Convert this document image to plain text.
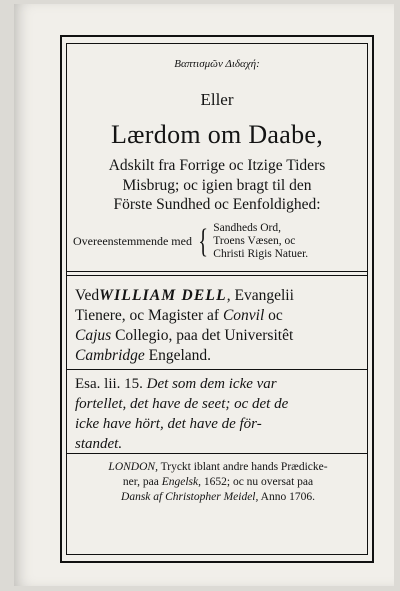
Βαπτισμῶν Διδαχή:
Eller
Lærdom om Daabe,
Adskilt fra Forrige oc Itzige Tiders
Misbrug; oc igien bragt til den
Förste Sundhed oc Eenfoldighed:
Overeenstemmende med { Sandheds Ord,
Troens Væsen, oc
Christi Rigis Natuer.
VedWILLIAM DELL, Evangelii
Tienere, oc Magister af Convil oc
Cajus Collegio, paa det Universitêt
Cambridge Engeland.
Esa. lii. 15. Det som dem icke var
fortellet, det have de seet; oc det de
icke have hört, det have de för-
standet.
LONDON, Tryckt iblant andre hands Prædicke-
ner, paa Engelsk, 1652; oc nu oversat paa
Dansk af Christopher Meidel, Anno 1706.
